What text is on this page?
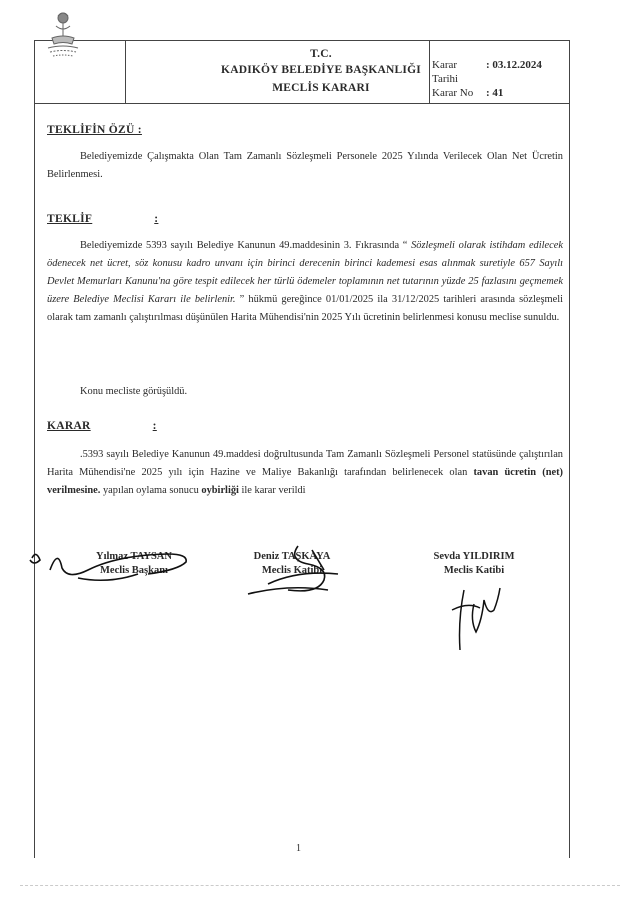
T.C.
KADIKÖY BELEDİYE BAŞKANLIĞI
MECLİS KARARI
Karar Tarihi
: 03.12.2024
Karar No	: 41
TEKLİFİN ÖZÜ :
Belediyemizde Çalışmakta Olan Tam Zamanlı Sözleşmeli Personele 2025 Yılında Verilecek Olan Net Ücretin Belirlenmesi.
TEKLİF	:
Belediyemizde 5393 sayılı Belediye Kanunun 49.maddesinin 3. Fıkrasında “ Sözleşmeli olarak istihdam edilecek ödenecek net ücret, söz konusu kadro unvanı için birinci derecenin birinci kademesi esas alınmak suretiyle 657 Sayılı Devlet Memurları Kanunu'na göre tespit edilecek her türlü ödemeler toplamının net tutarının yüzde 25 fazlasını geçmemek üzere Belediye Meclisi Kararı ile belirlenir. ” hükmü gereğince 01/01/2025 ila 31/12/2025 tarihleri arasında sözleşmeli olarak tam zamanlı çalıştırılması düşünülen Harita Mühendisi'nin 2025 Yılı ücretinin belirlenmesi konusu meclise sunuldu.
Konu mecliste görüşüldü.
KARAR	:
.5393 sayılı Belediye Kanunun 49.maddesi doğrultusunda Tam Zamanlı Sözleşmeli Personel statüsünde çalıştırılan Harita Mühendisi'ne 2025 yılı için Hazine ve Maliye Bakanlığı tarafından belirlenecek olan tavan ücretin (net) verilmesine. yapılan oylama sonucu oybirliği ile karar verildi
Yılmaz TAYSAN
Meclis Başkanı
Deniz TAŞKAYA
Meclis Katibi
Sevda YILDIRIM
Meclis Katibi
1
